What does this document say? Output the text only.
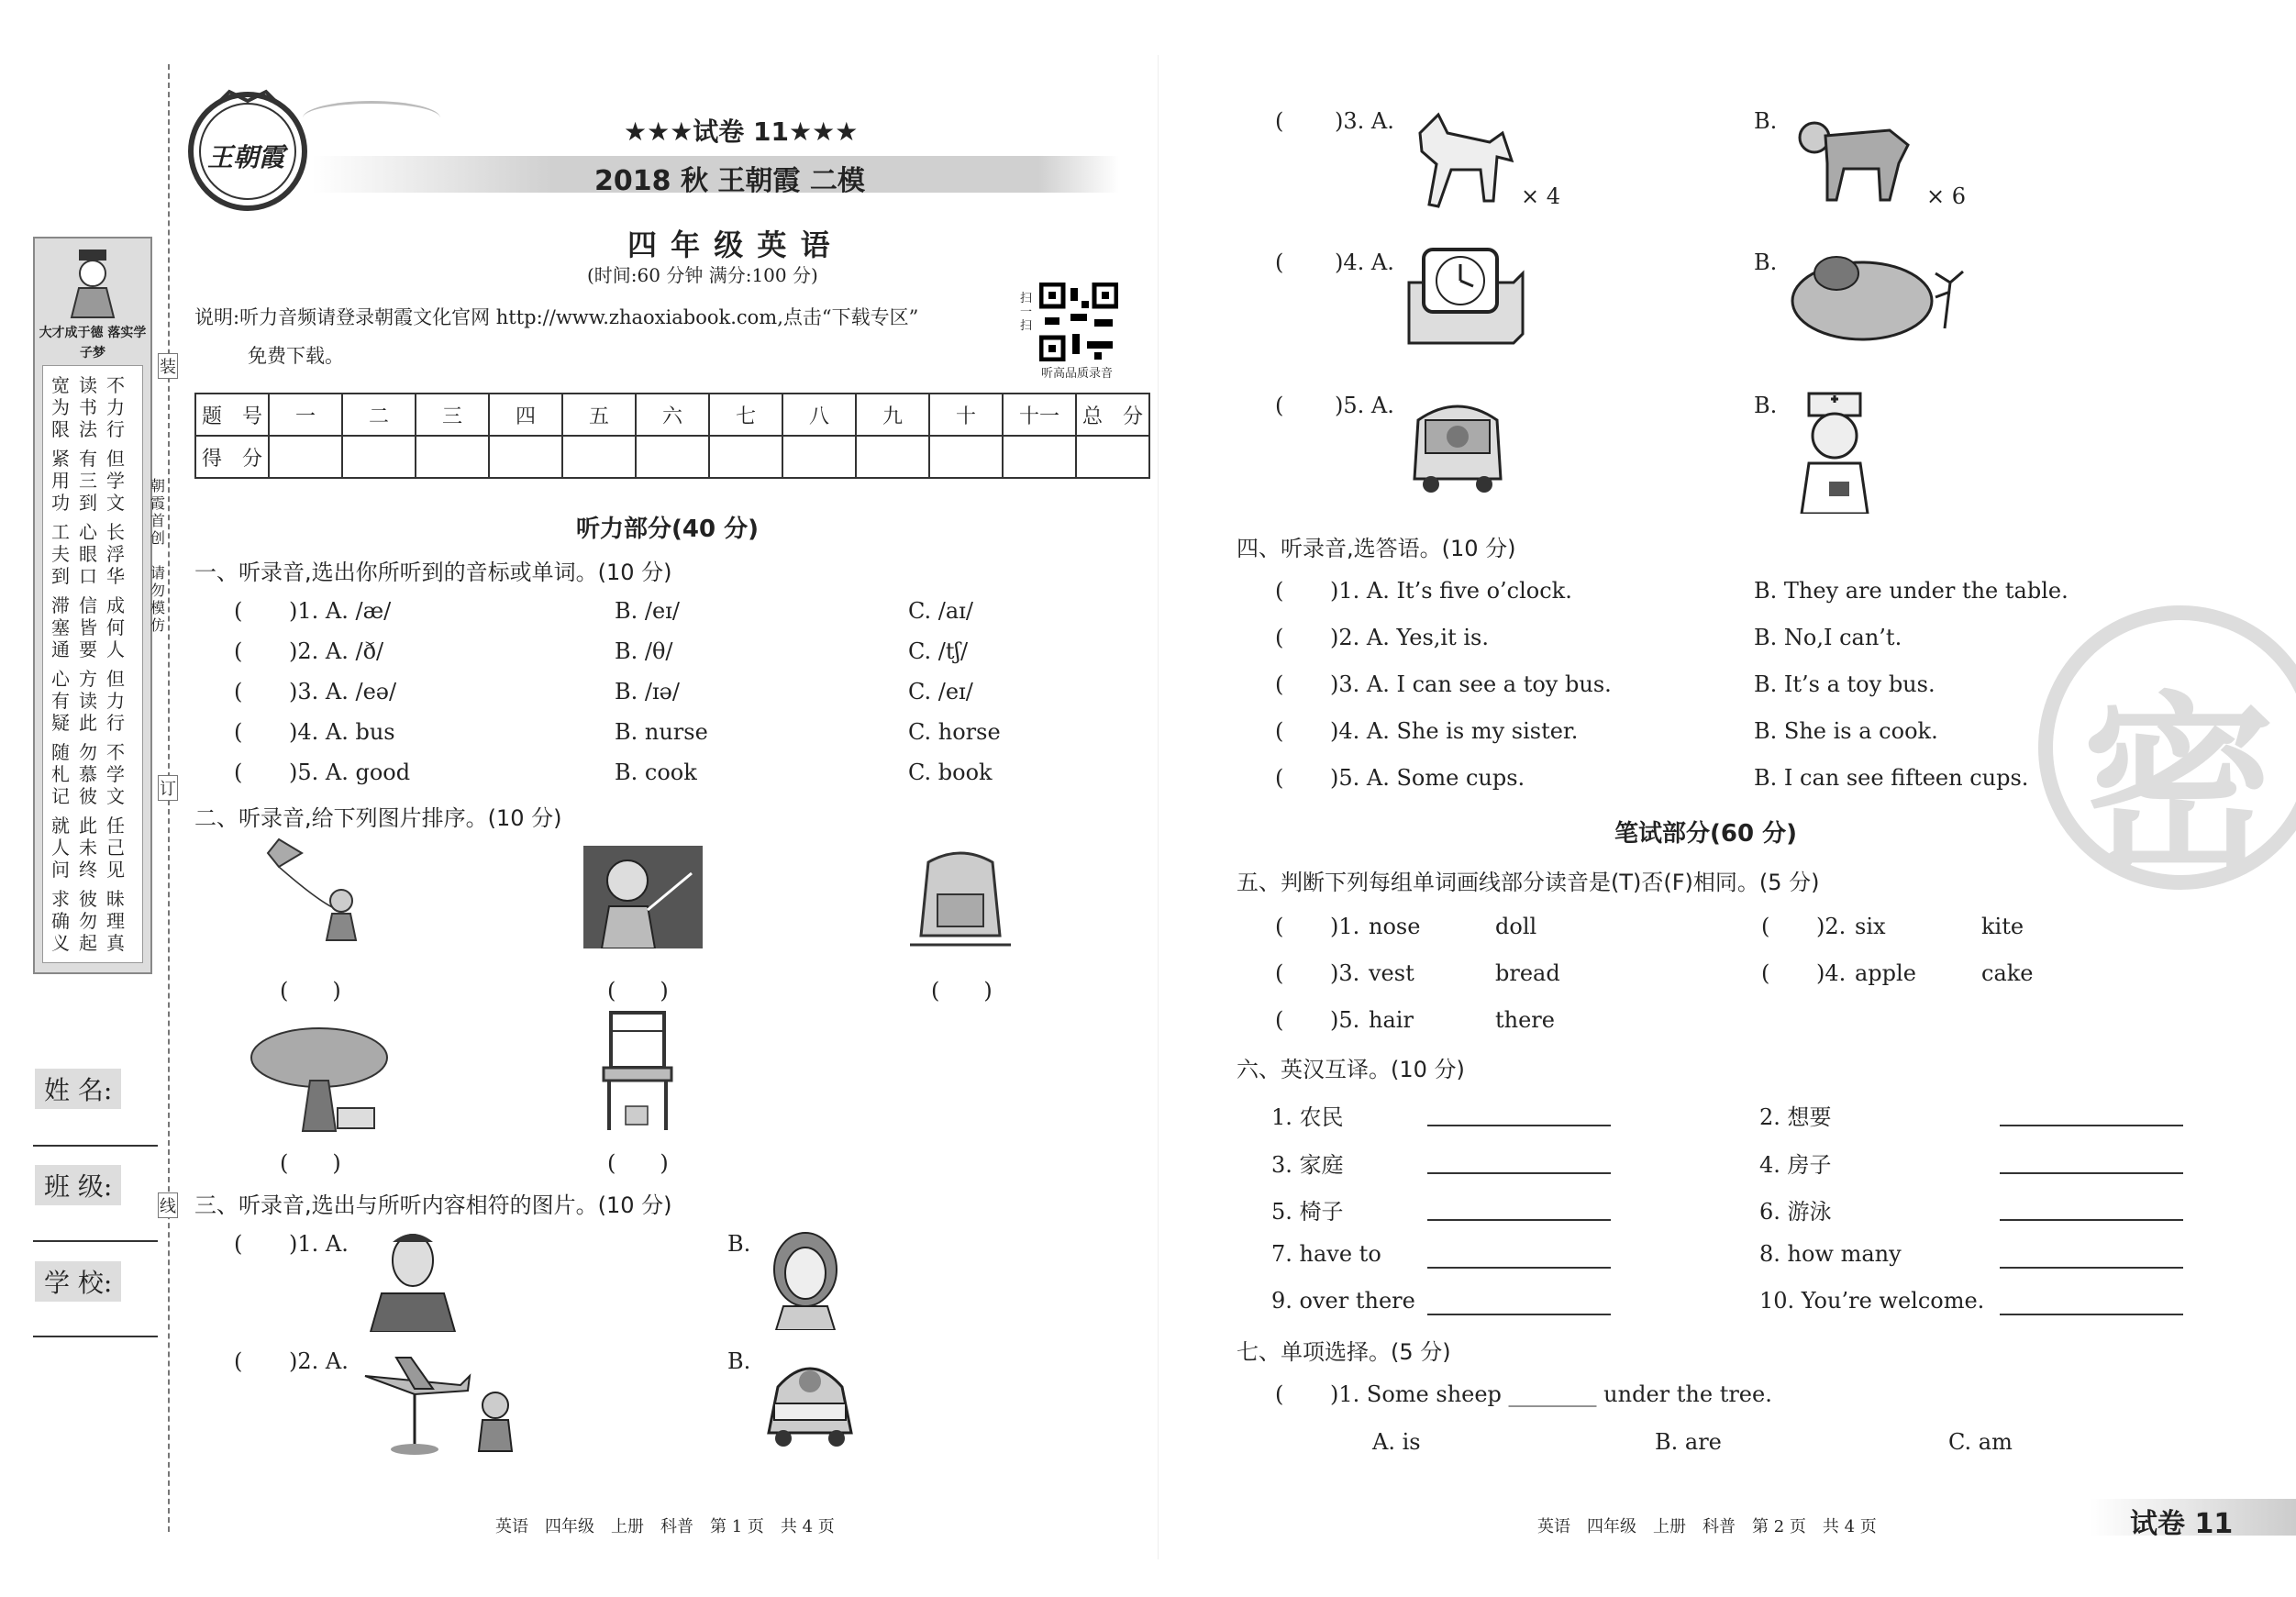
大才成于德 落实学子梦
宽为限
读书法
不力行
紧用功
有三到
但学文
工夫到
心眼口
长浮华
滞塞通
信皆要
成何人
心有疑
方读此
但力行
随札记
勿慕彼
不学文
就人问
此未终
任己见
求确义
彼勿起
昧理真
装
订
线
朝霞首创
请勿模仿
姓 名:
班 级:
学 校:
王朝霞
★★★试卷 11★★★
2018 秋 王朝霞 二模
四 年 级 英 语
(时间:60 分钟 满分:100 分)
说明:听力音频请登录朝霞文化官网 http://www.zhaoxiabook.com,点击“下载专区”
免费下载。
扫一扫
听高品质录音
题　号	一	二	三	四	五	六	七	八	九	十	十一	总　分
得　分												
听力部分(40 分)
一、听录音,选出你所听到的音标或单词。(10 分)
( )1. A. /æ/	B. /eɪ/	C. /aɪ/
( )2. A. /ð/	B. /θ/	C. /tʃ/
( )3. A. /eə/	B. /ɪə/	C. /eɪ/
( )4. A. bus	B. nurse	C. horse
( )5. A. good	B. cook	C. book
二、听录音,给下列图片排序。(10 分)
(　　)	(　　)	(　　)
(　　)	(　　)
三、听录音,选出与所听内容相符的图片。(10 分)
( )1. A.	B.
( )2. A.	B.
英语　四年级　上册　科普　第 1 页　共 4 页
( )3. A.	B.
( )4. A.	B.
( )5. A.	B.
× 4	× 6
四、听录音,选答语。(10 分)
( )1. A. It’s five o’clock.	B. They are under the table.
( )2. A. Yes,it is.	B. No,I can’t.
( )3. A. I can see a toy bus.	B. It’s a toy bus.
( )4. A. She is my sister.	B. She is a cook.
( )5. A. Some cups.	B. I can see fifteen cups.
笔试部分(60 分)
五、判断下列每组单词画线部分读音是(T)否(F)相同。(5 分)
( )1. nose	doll	( )2. six	kite
( )3. vest	bread	( )4. apple	cake
( )5. hair	there
六、英汉互译。(10 分)
1. 农民	2. 想要
3. 家庭	4. 房子
5. 椅子	6. 游泳
7. have to	8. how many
9. over there	10. You’re welcome.
七、单项选择。(5 分)
( )1. Some sheep ________ under the tree.
A. is	B. are	C. am
密
英语　四年级　上册　科普　第 2 页　共 4 页	试卷 11
